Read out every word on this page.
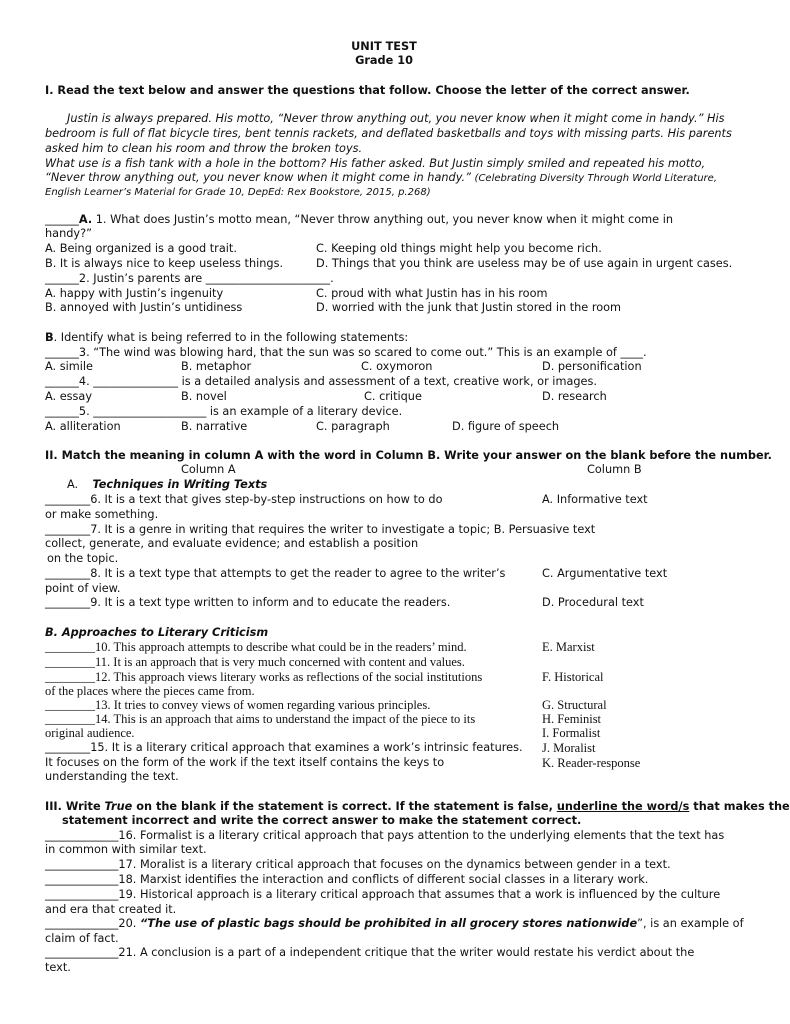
UNIT TEST
Grade 10
I. Read the text below and answer the questions that follow. Choose the letter of the correct answer.
Justin is always prepared. His motto, “Never throw anything out, you never know when it might come in handy.” His
bedroom is full of flat bicycle tires, bent tennis rackets, and deflated basketballs and toys with missing parts. His parents
asked him to clean his room and throw the broken toys.
What use is a fish tank with a hole in the bottom? His father asked. But Justin simply smiled and repeated his motto,
“Never throw anything out, you never know when it might come in handy.” (Celebrating Diversity Through World Literature,
English Learner’s Material for Grade 10, DepEd: Rex Bookstore, 2015, p.268)
______A. 1. What does Justin’s motto mean, “Never throw anything out, you never know when it might come in
handy?”
A. Being organized is a good trait.	C. Keeping old things might help you become rich.
B. It is always nice to keep useless things.	D. Things that you think are useless may be of use again in urgent cases.
______2. Justin’s parents are ______________________.
A. happy with Justin’s ingenuity	C. proud with what Justin has in his room
B. annoyed with Justin’s untidiness	D. worried with the junk that Justin stored in the room
B. Identify what is being referred to in the following statements:
______3. “The wind was blowing hard, that the sun was so scared to come out.” This is an example of ____.
A. simile	B. metaphor	C. oxymoron	D. personification
______4. _______________ is a detailed analysis and assessment of a text, creative work, or images.
A. essay	B. novel	C. critique	D. research
______5. ____________________ is an example of a literary device.
A. alliteration	B. narrative	C. paragraph	D. figure of speech
II. Match the meaning in column A with the word in Column B. Write your answer on the blank before the number.
Column A	Column B
A. Techniques in Writing Texts
________6. It is a text that gives step-by-step instructions on how to do	A. Informative text
or make something.
________7. It is a genre in writing that requires the writer to investigate a topic; B. Persuasive text
collect, generate, and evaluate evidence; and establish a position
on the topic.
________8. It is a text type that attempts to get the reader to agree to the writer’s	C. Argumentative text
point of view.
________9. It is a text type written to inform and to educate the readers.	D. Procedural text
B. Approaches to Literary Criticism
________10. This approach attempts to describe what could be in the readers’ mind.	E. Marxist
________11. It is an approach that is very much concerned with content and values.
________12. This approach views literary works as reflections of the social institutions	F. Historical
of the places where the pieces came from.
________13. It tries to convey views of women regarding various principles.	G. Structural
________14. This is an approach that aims to understand the impact of the piece to its	H. Feminist
original audience.	I. Formalist
________15. It is a literary critical approach that examines a work’s intrinsic features. J. Moralist
It focuses on the form of the work if the text itself contains the keys to	K. Reader-response
understanding the text.
III. Write True on the blank if the statement is correct. If the statement is false, underline the word/s that makes the
statement incorrect and write the correct answer to make the statement correct.
_____________16. Formalist is a literary critical approach that pays attention to the underlying elements that the text has
in common with similar text.
_____________17. Moralist is a literary critical approach that focuses on the dynamics between gender in a text.
_____________18. Marxist identifies the interaction and conflicts of different social classes in a literary work.
_____________19. Historical approach is a literary critical approach that assumes that a work is influenced by the culture
and era that created it.
_____________20. “The use of plastic bags should be prohibited in all grocery stores nationwide”, is an example of
claim of fact.
_____________21. A conclusion is a part of a independent critique that the writer would restate his verdict about the
text.
